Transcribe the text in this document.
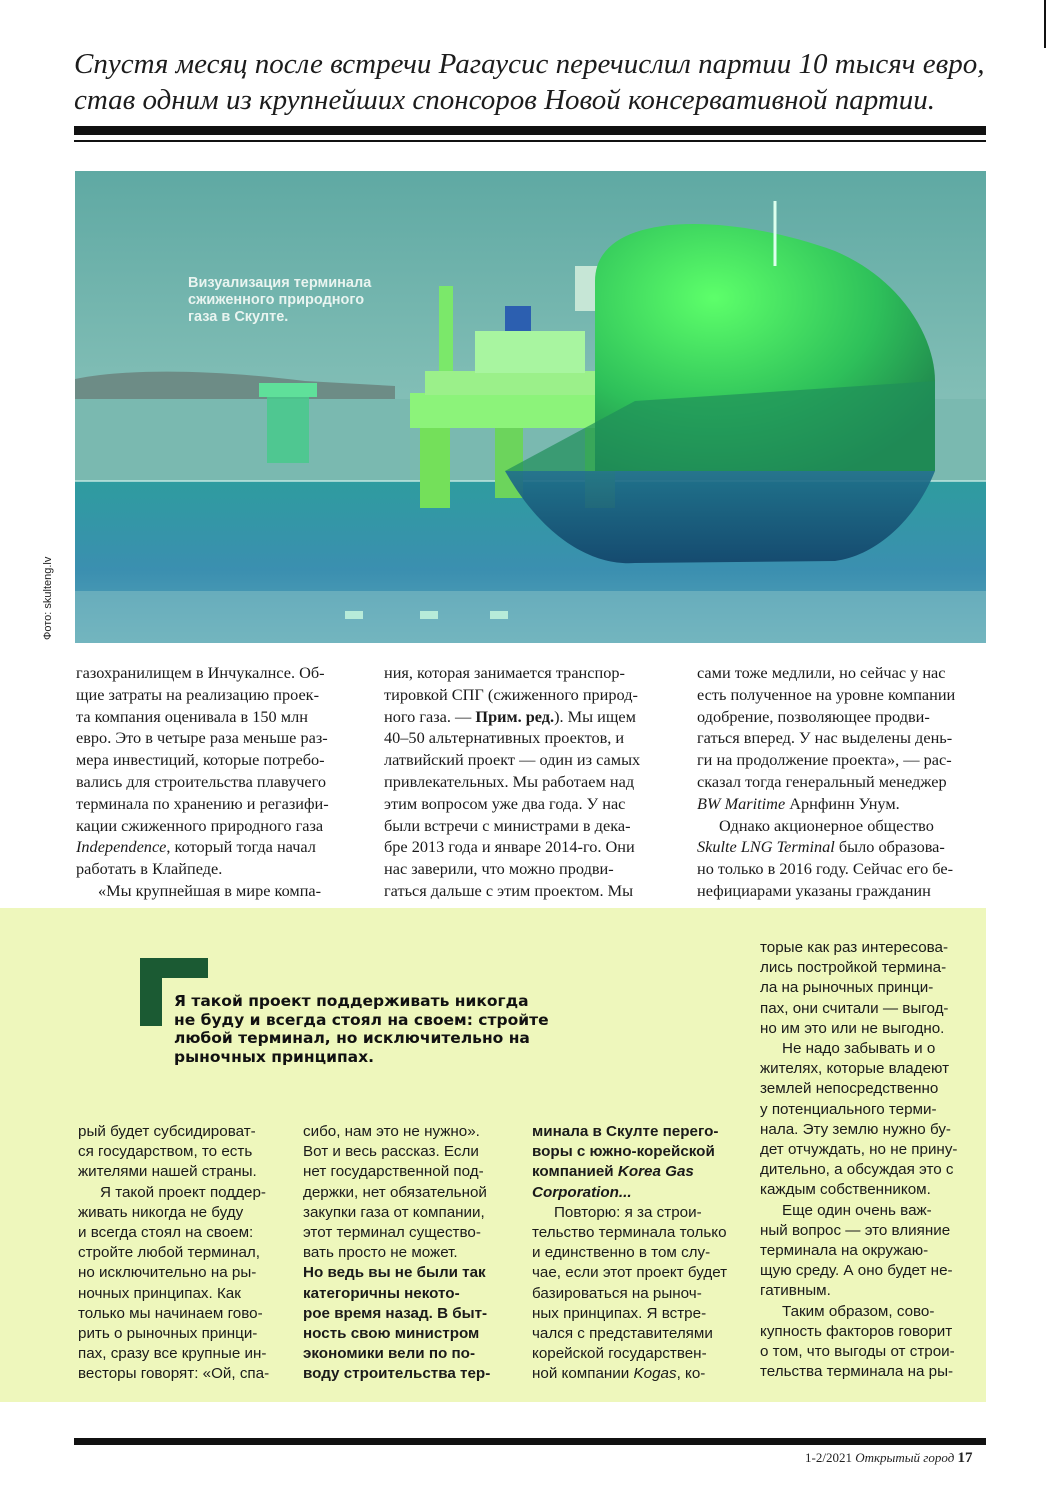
Спустя месяц после встречи Рагаусис перечислил партии 10 тысяч евро,
став одним из крупнейших спонсоров Новой консервативной партии.
Визуализация терминала
сжиженного природного
газа в Скулте.
Фото: skulteng.lv
газохранилищем в Инчукалнсе. Об-
щие затраты на реализацию проек-
та компания оценивала в 150 млн
евро. Это в четыре раза меньше раз-
мера инвестиций, которые потребо-
вались для строительства плавучего
терминала по хранению и регазифи-
кации сжиженного природного газа
Independence, который тогда начал
работать в Клайпеде.
«Мы крупнейшая в мире компа-
ния, которая занимается транспор-
тировкой СПГ (сжиженного природ-
ного газа. — Прим. ред.). Мы ищем
40–50 альтернативных проектов, и
латвийский проект — один из самых
привлекательных. Мы работаем над
этим вопросом уже два года. У нас
были встречи с министрами в дека-
бре 2013 года и январе 2014-го. Они
нас заверили, что можно продви-
гаться дальше с этим проектом. Мы
сами тоже медлили, но сейчас у нас
есть полученное на уровне компании
одобрение, позволяющее продви-
гаться вперед. У нас выделены день-
ги на продолжение проекта», — рас-
сказал тогда генеральный менеджер
BW Maritime Арнфинн Унум.
Однако акционерное общество
Skulte LNG Terminal было образова-
но только в 2016 году. Сейчас его бе-
нефициарами указаны гражданин
Я такой проект поддерживать никогда
не буду и всегда стоял на своем: стройте
любой терминал, но исключительно на
рыночных принципах.
рый будет субсидироват-
ся государством, то есть
жителями нашей страны.
Я такой проект поддер-
живать никогда не буду
и всегда стоял на своем:
стройте любой терминал,
но исключительно на ры-
ночных принципах. Как
только мы начинаем гово-
рить о рыночных принци-
пах, сразу все крупные ин-
весторы говорят: «Ой, спа-
сибо, нам это не нужно».
Вот и весь рассказ. Если
нет государственной под-
держки, нет обязательной
закупки газа от компании,
этот терминал существо-
вать просто не может.
Но ведь вы не были так
категоричны некото-
рое время назад. В быт-
ность свою министром
экономики вели по по-
воду строительства тер-
минала в Скулте перего-
воры с южно-корейской
компанией Korea Gas
Corporation...
Повторю: я за строи-
тельство терминала только
и единственно в том слу-
чае, если этот проект будет
базироваться на рыноч-
ных принципах. Я встре-
чался с представителями
корейской государствен-
ной компании Kogas, ко-
торые как раз интересова-
лись постройкой термина-
ла на рыночных принци-
пах, они считали — выгод-
но им это или не выгодно.
Не надо забывать и о
жителях, которые владеют
землей непосредственно
у потенциального терми-
нала. Эту землю нужно бу-
дет отчуждать, но не прину-
дительно, а обсуждая это с
каждым собственником.
Еще один очень важ-
ный вопрос — это влияние
терминала на окружаю-
щую среду. А оно будет не-
гативным.
Таким образом, сово-
купность факторов говорит
о том, что выгоды от строи-
тельства терминала на ры-
1-2/2021 Открытый город 17
